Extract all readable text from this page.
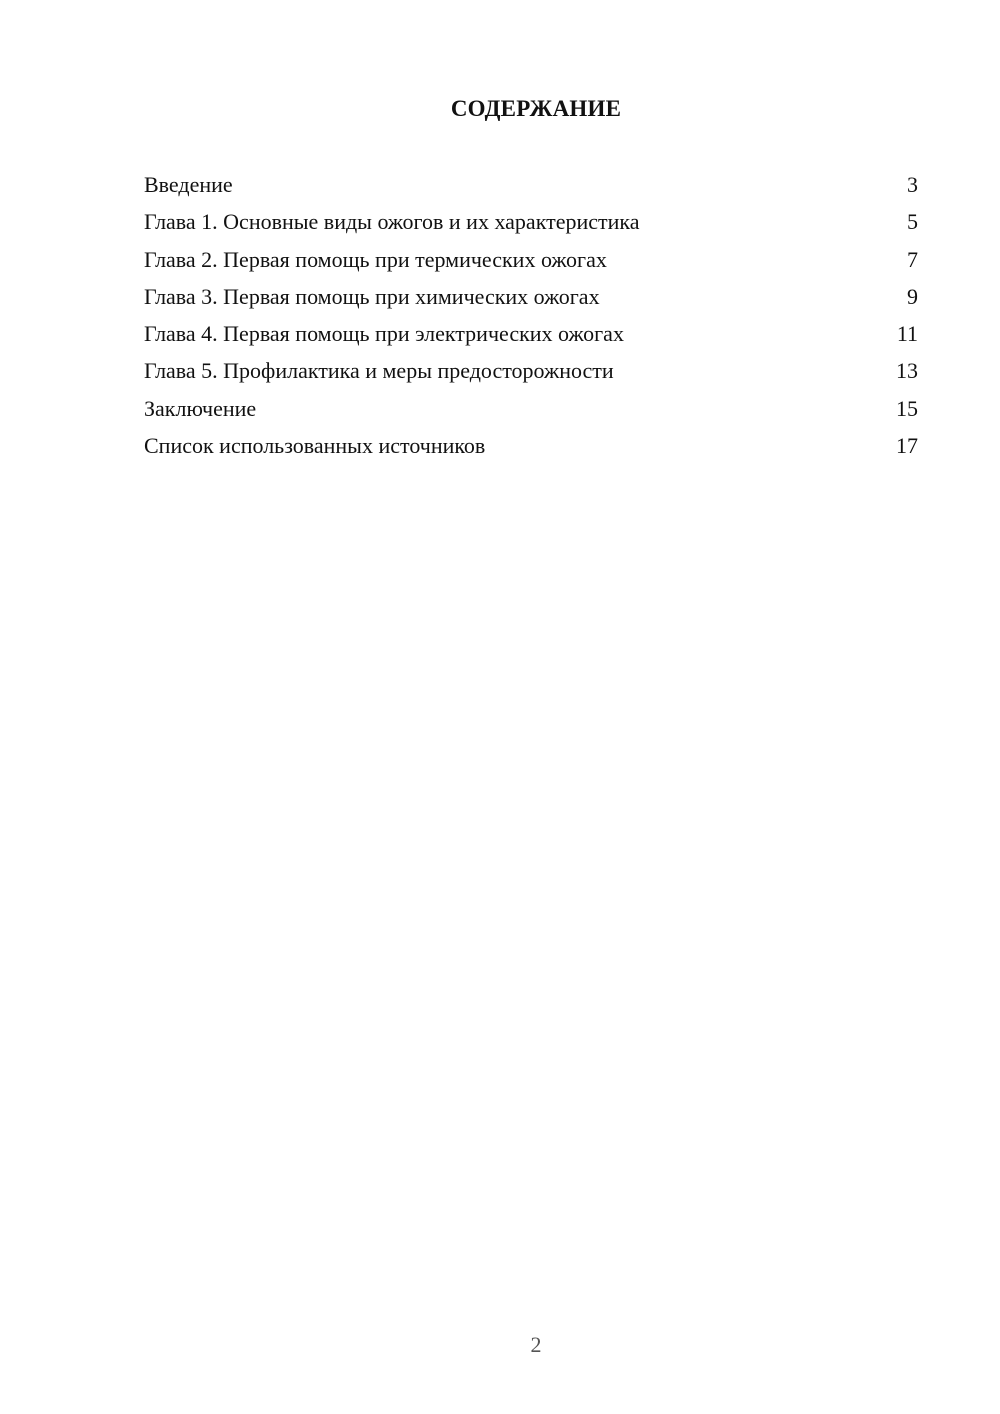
СОДЕРЖАНИЕ
Введение	3
Глава 1. Основные виды ожогов и их характеристика	5
Глава 2. Первая помощь при термических ожогах	7
Глава 3. Первая помощь при химических ожогах	9
Глава 4. Первая помощь при электрических ожогах	11
Глава 5. Профилактика и меры предосторожности	13
Заключение	15
Список использованных источников	17
2
